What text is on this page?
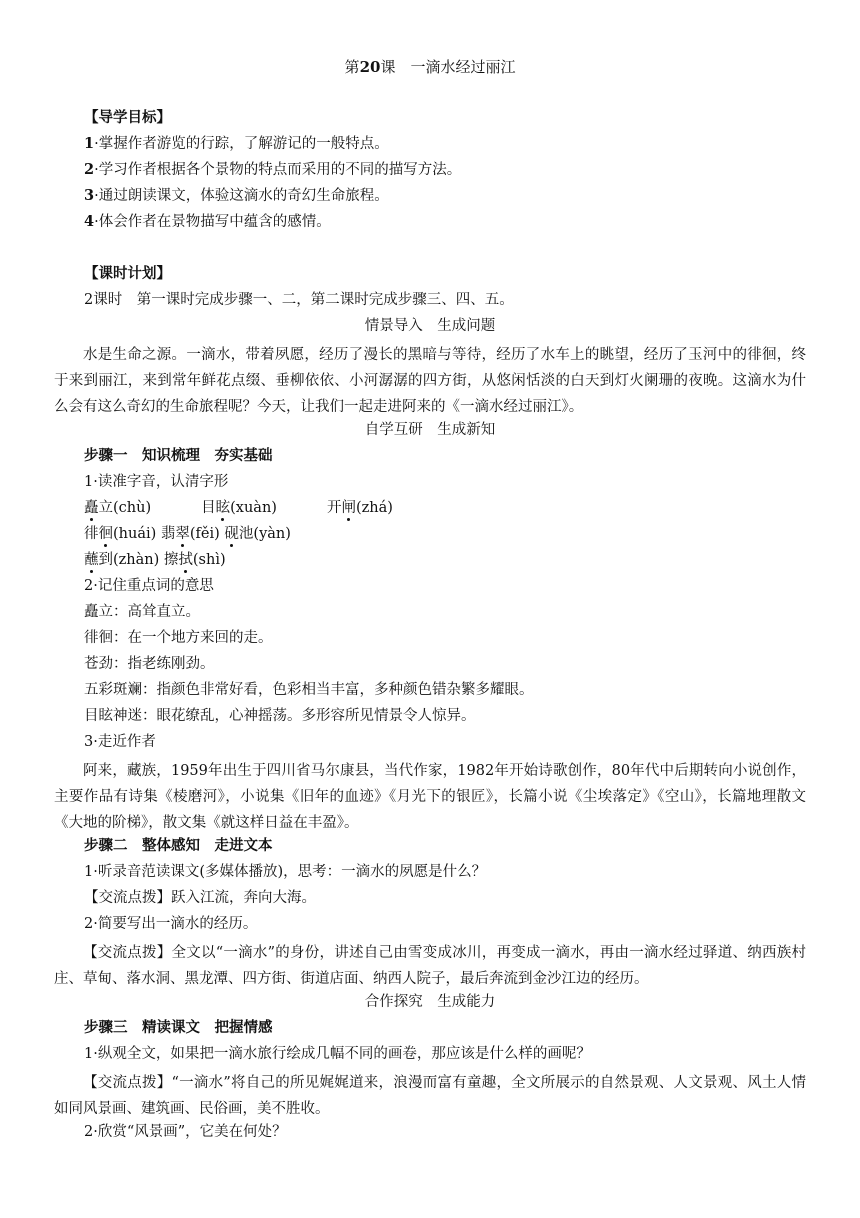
第20课　一滴水经过丽江
【导学目标】
1·掌握作者游览的行踪，了解游记的一般特点。
2·学习作者根据各个景物的特点而采用的不同的描写方法。
3·通过朗读课文，体验这滴水的奇幻生命旅程。
4·体会作者在景物描写中蕴含的感情。
【课时计划】
2课时　第一课时完成步骤一、二，第二课时完成步骤三、四、五。
情景导入　生成问题
水是生命之源。一滴水，带着夙愿，经历了漫长的黑暗与等待，经历了水车上的眺望，经历了玉河中的徘徊，终于来到丽江，来到常年鲜花点缀、垂柳依依、小河潺潺的四方街，从悠闲恬淡的白天到灯火阑珊的夜晚。这滴水为什么会有这么奇幻的生命旅程呢？今天，让我们一起走进阿来的《一滴水经过丽江》。
自学互研　生成新知
步骤一　知识梳理　夯实基础
1·读准字音，认清字形
矗立(chù)	目眩(xuàn)	开闸(zhá)
徘徊(huái) 翡翠(fěi) 砚池(yàn)
蘸到(zhàn) 擦拭(shì)
2·记住重点词的意思
矗立：高耸直立。
徘徊：在一个地方来回的走。
苍劲：指老练刚劲。
五彩斑斓：指颜色非常好看，色彩相当丰富，多种颜色错杂繁多耀眼。
目眩神迷：眼花缭乱，心神摇荡。多形容所见情景令人惊异。
3·走近作者
阿来，藏族，1959年出生于四川省马尔康县，当代作家，1982年开始诗歌创作，80年代中后期转向小说创作，主要作品有诗集《棱磨河》，小说集《旧年的血迹》《月光下的银匠》，长篇小说《尘埃落定》《空山》，长篇地理散文《大地的阶梯》，散文集《就这样日益在丰盈》。
步骤二　整体感知　走进文本
1·听录音范读课文(多媒体播放)，思考：一滴水的夙愿是什么？
【交流点拨】跃入江流，奔向大海。
2·简要写出一滴水的经历。
【交流点拨】全文以“一滴水”的身份，讲述自己由雪变成冰川，再变成一滴水，再由一滴水经过驿道、纳西族村庄、草甸、落水洞、黑龙潭、四方街、街道店面、纳西人院子，最后奔流到金沙江边的经历。
合作探究　生成能力
步骤三　精读课文　把握情感
1·纵观全文，如果把一滴水旅行绘成几幅不同的画卷，那应该是什么样的画呢？
【交流点拨】“一滴水”将自己的所见娓娓道来，浪漫而富有童趣，全文所展示的自然景观、人文景观、风土人情如同风景画、建筑画、民俗画，美不胜收。
2·欣赏“风景画”，它美在何处？
